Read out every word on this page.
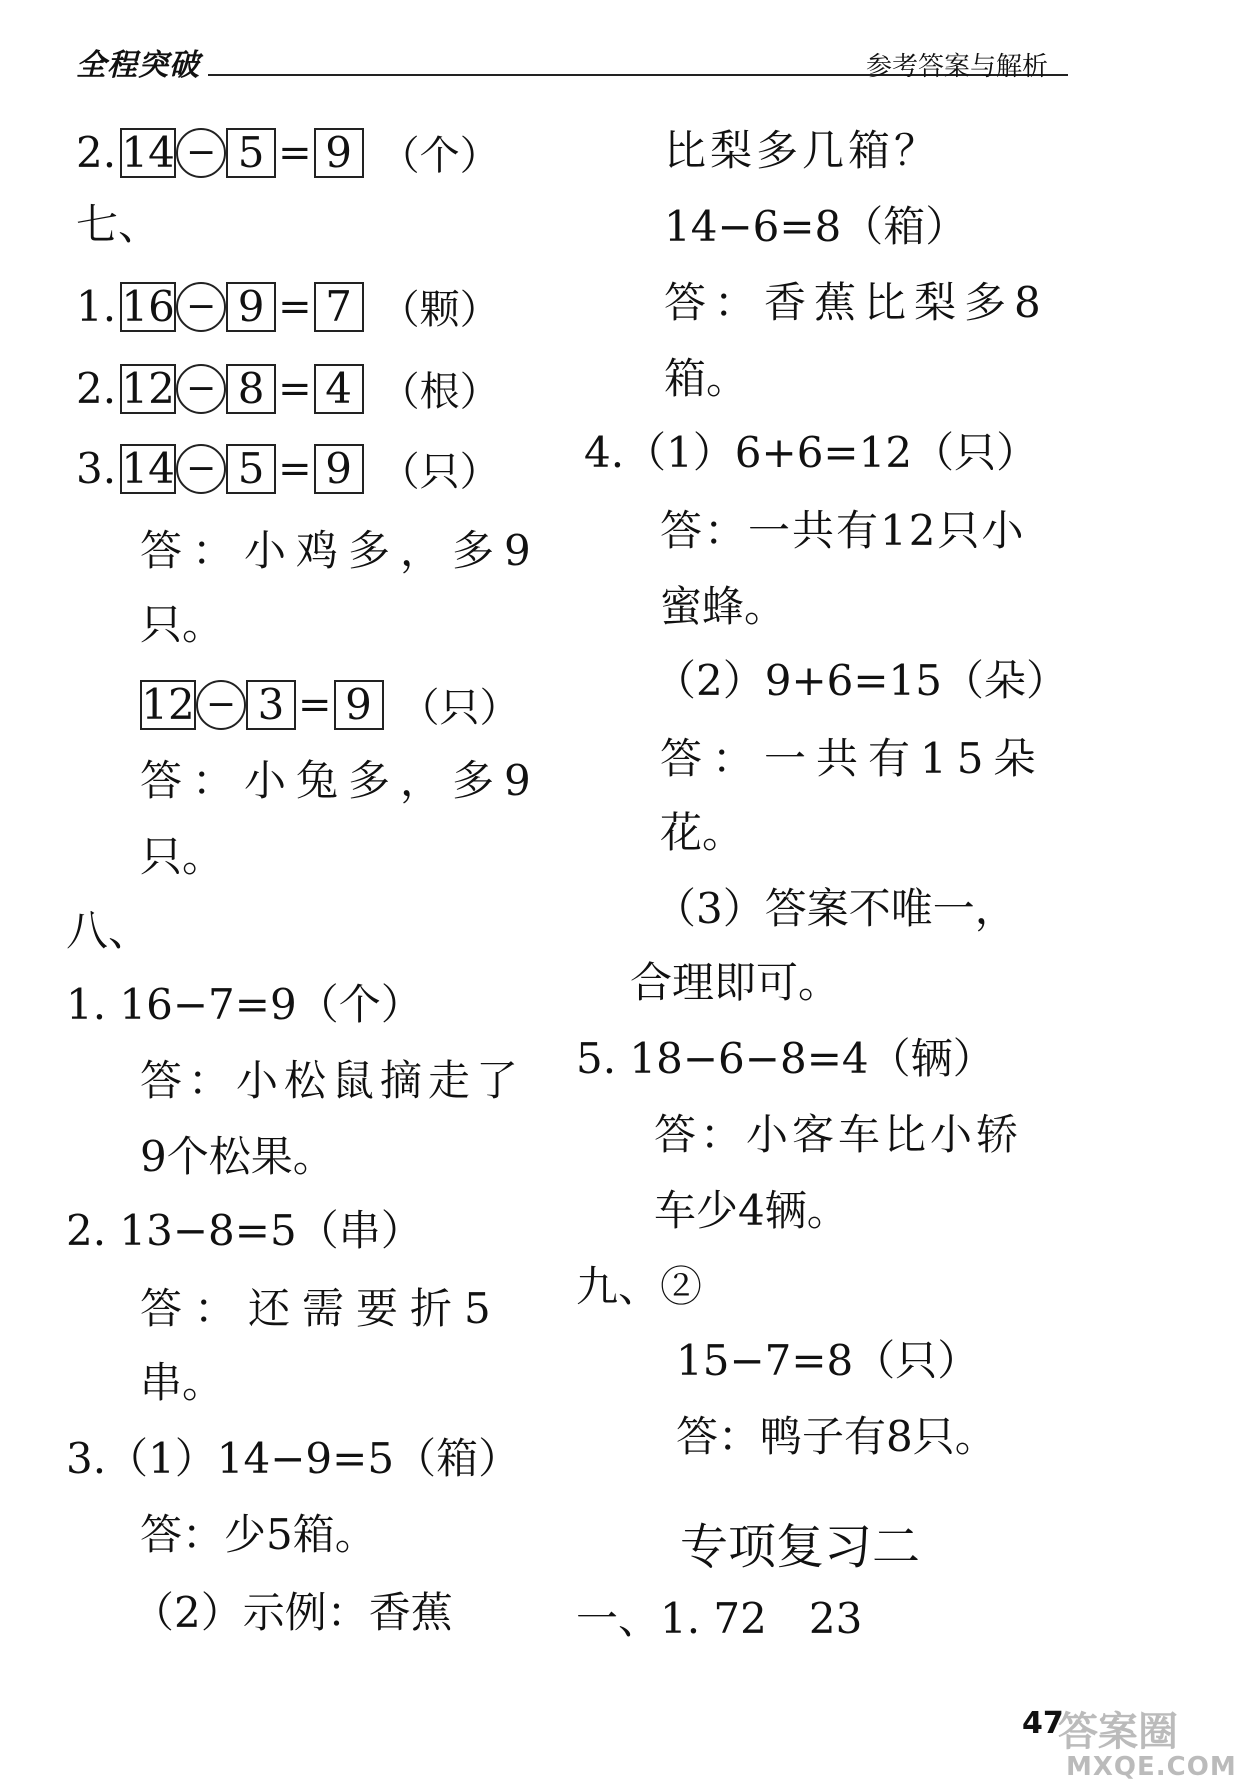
全程突破	参考答案与解析
2. 14 − 5 = 9 （个）
七、
1. 16 − 9 = 7 （颗）
2. 12 − 8 = 4 （根）
3. 14 − 5 = 9 （只）
答：小鸡多，多9
只。
12 − 3 = 9 （只）
答：小兔多，多9
只。
八、
1. 16−7=9（个）
答：小松鼠摘走了
9个松果。
2. 13−8=5（串）
答：还需要折5
串。
3.（1）14−9=5（箱）
答：少5箱。
（2）示例：香蕉
比梨多几箱？
14−6=8（箱）
答：香蕉比梨多8
箱。
4.（1）6+6=12（只）
答：一共有12只小
蜜蜂。
（2）9+6=15（朵）
答：一共有15朵
花。
（3）答案不唯一，
合理即可。
5. 18−6−8=4（辆）
答：小客车比小轿
车少4辆。
九、②
15−7=8（只）
答：鸭子有8只。
专项复习二
一、1. 72　23
47
答案圈
MXQE.COM
